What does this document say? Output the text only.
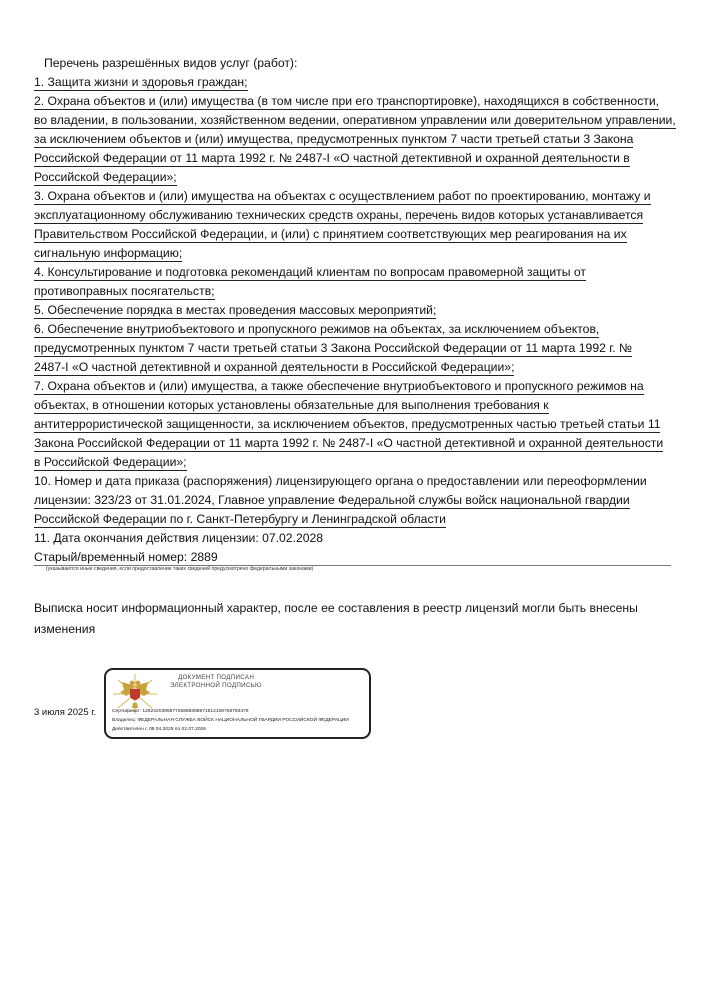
Перечень разрешённых видов услуг (работ):
1. Защита жизни и здоровья граждан;
2. Охрана объектов и (или) имущества (в том числе при его транспортировке), находящихся в собственности,
во владении, в пользовании, хозяйственном ведении, оперативном управлении или доверительном управлении,
за исключением объектов и (или) имущества, предусмотренных пунктом 7 части третьей статьи 3 Закона
Российской Федерации от 11 марта 1992 г. № 2487-I «О частной детективной и охранной деятельности в
Российской Федерации»;
3. Охрана объектов и (или) имущества на объектах с осуществлением работ по проектированию, монтажу и
эксплуатационному обслуживанию технических средств охраны, перечень видов которых устанавливается
Правительством Российской Федерации, и (или) с принятием соответствующих мер реагирования на их
сигнальную информацию;
4. Консультирование и подготовка рекомендаций клиентам по вопросам правомерной защиты от
противоправных посягательств;
5. Обеспечение порядка в местах проведения массовых мероприятий;
6. Обеспечение внутриобъектового и пропускного режимов на объектах, за исключением объектов,
предусмотренных пунктом 7 части третьей статьи 3 Закона Российской Федерации от 11 марта 1992 г. №
2487-I «О частной детективной и охранной деятельности в Российской Федерации»;
7. Охрана объектов и (или) имущества, а также обеспечение внутриобъектового и пропускного режимов на
объектах, в отношении которых установлены обязательные для выполнения требования к
антитеррористической защищенности, за исключением объектов, предусмотренных частью третьей статьи 11
Закона Российской Федерации от 11 марта 1992 г. № 2487-I «О частной детективной и охранной деятельности
в Российской Федерации»;
10. Номер и дата приказа (распоряжения) лицензирующего органа о предоставлении или переоформлении
лицензии: 323/23 от 31.01.2024, Главное управление Федеральной службы войск национальной гвардии
Российской Федерации по г. Санкт-Петербургу и Ленинградской области
11. Дата окончания действия лицензии: 07.02.2028
Старый/временный номер: 2889
(указываются иные сведения, если предоставление таких сведений предусмотрено федеральными законами)
Выписка носит информационный характер, после ее составления в реестр лицензий могли быть внесены изменения
3 июля 2025 г.
ДОКУМЕНТ ПОДПИСАН
ЭЛЕКТРОННОЙ ПОДПИСЬЮ
Сертификат: 128242039587726898398971512108756783479
Владелец: ФЕДЕРАЛЬНАЯ СЛУЖБА ВОЙСК НАЦИОНАЛЬНОЙ ГВАРДИИ РОССИЙСКОЙ ФЕДЕРАЦИИ
Действителен с 08.04.2025 по 02.07.2026
